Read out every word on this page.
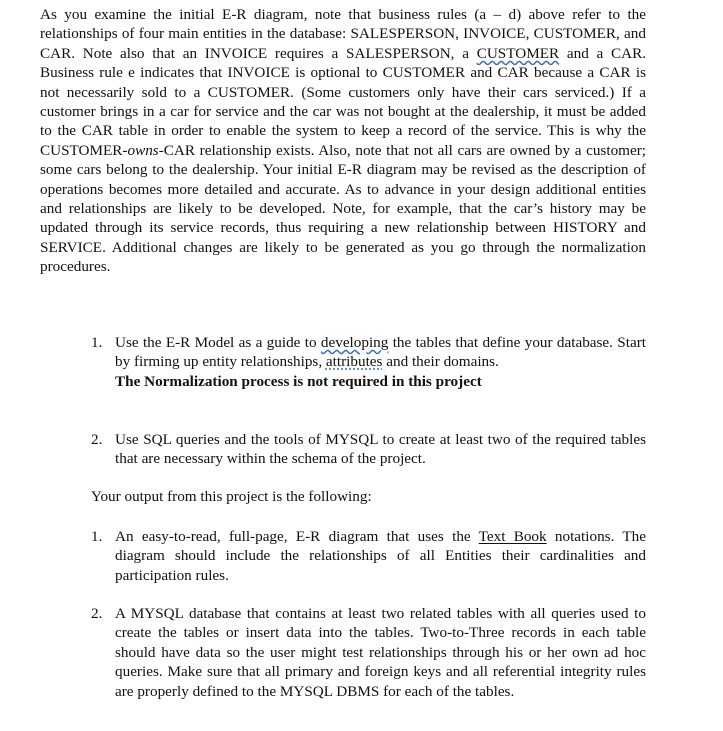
As you examine the initial E-R diagram, note that business rules (a – d) above refer to the relationships of four main entities in the database: SALESPERSON, INVOICE, CUSTOMER, and CAR. Note also that an INVOICE requires a SALESPERSON, a CUSTOMER and a CAR. Business rule e indicates that INVOICE is optional to CUSTOMER and CAR because a CAR is not necessarily sold to a CUSTOMER. (Some customers only have their cars serviced.) If a customer brings in a car for service and the car was not bought at the dealership, it must be added to the CAR table in order to enable the system to keep a record of the service. This is why the CUSTOMER-owns-CAR relationship exists. Also, note that not all cars are owned by a customer; some cars belong to the dealership. Your initial E-R diagram may be revised as the description of operations becomes more detailed and accurate. As to advance in your design additional entities and relationships are likely to be developed. Note, for example, that the car’s history may be updated through its service records, thus requiring a new relationship between HISTORY and SERVICE. Additional changes are likely to be generated as you go through the normalization procedures.

1. Use the E-R Model as a guide to developing the tables that define your database. Start by firming up entity relationships, attributes and their domains.
The Normalization process is not required in this project
2. Use SQL queries and the tools of MYSQL to create at least two of the required tables that are necessary within the schema of the project.

Your output from this project is the following:

1. An easy-to-read, full-page, E-R diagram that uses the Text Book notations. The diagram should include the relationships of all Entities their cardinalities and participation rules.
2. A MYSQL database that contains at least two related tables with all queries used to create the tables or insert data into the tables. Two-to-Three records in each table should have data so the user might test relationships through his or her own ad hoc queries. Make sure that all primary and foreign keys and all referential integrity rules are properly defined to the MYSQL DBMS for each of the tables.
